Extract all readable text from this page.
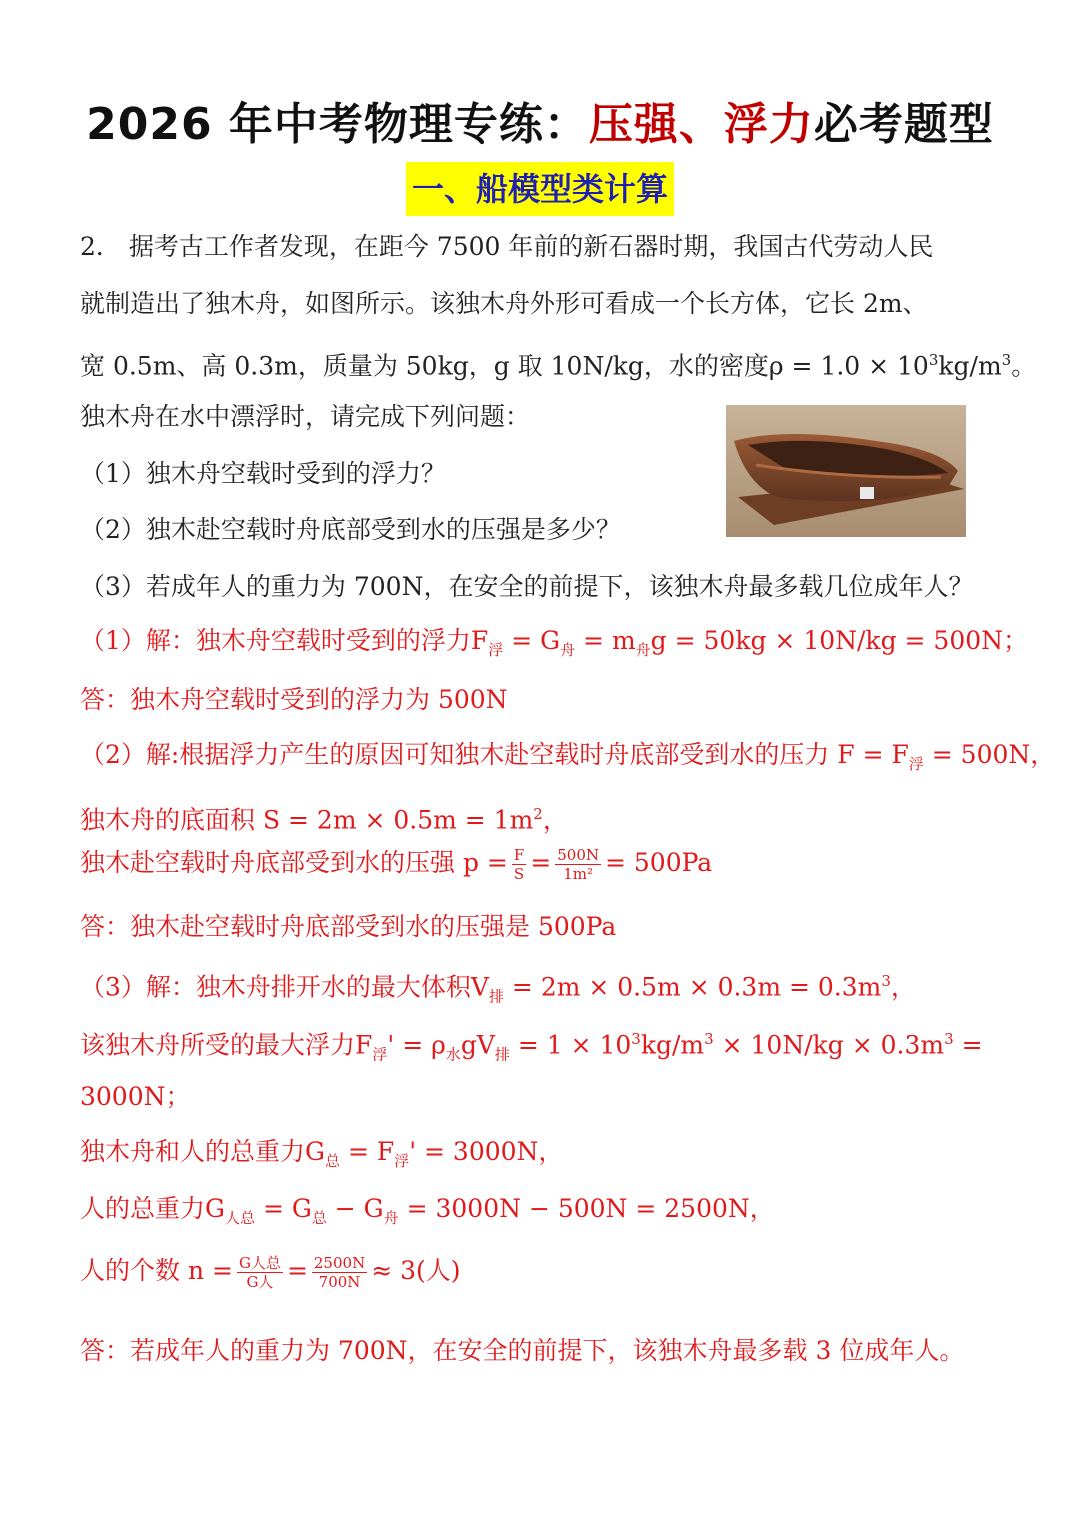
2026 年中考物理专练：压强、浮力必考题型
一、船模型类计算
2． 据考古工作者发现，在距今 7500 年前的新石器时期，我国古代劳动人民
就制造出了独木舟，如图所示。该独木舟外形可看成一个长方体，它长 2m、
宽 0.5m、高 0.3m，质量为 50kg，g 取 10N/kg，水的密度$\rho = 1.0 \times 10^3kg/m^3$。
独木舟在水中漂浮时，请完成下列问题：
（1）独木舟空载时受到的浮力？
（2）独木赴空载时舟底部受到水的压强是多少？
（3）若成年人的重力为 700N，在安全的前提下，该独木舟最多载几位成年人？
（1）解：独木舟空载时受到的浮力$F_浮 = G_舟 = m_舟g = 50kg \times 10N/kg = 500N$；
答：独木舟空载时受到的浮力为 500N
（2）解:根据浮力产生的原因可知独木赴空载时舟底部受到水的压力 $F = F_浮 = 500N$，
独木舟的底面积 $S = 2m \times 0.5m = 1m^2$，
独木赴空载时舟底部受到水的压强 $p = \frac{F}{S} = \frac{500N}{\text{1m²}} = 500Pa$
答：独木赴空载时舟底部受到水的压强是 500Pa
（3）解：独木舟排开水的最大体积$V_排 = 2m \times 0.5m \times 0.3m = 0.3m^3$，
该独木舟所受的最大浮力$F_浮' = \rho_水gV_排 = 1 \times 10^3kg/m^3 \times 10N/kg \times 0.3m^3$ =
3000N；
独木舟和人的总重力$G_总 = F_浮' = 3000N$，
人的总重力$G_{人总} = G_总 - G_舟 = 3000N - 500N = 2500N$，
人的个数 $n = \frac{\text{G人总}}{\text{G人}} = \frac{2500N}{700N} \approx 3$(人)
答：若成年人的重力为 700N，在安全的前提下，该独木舟最多载 3 位成年人。
